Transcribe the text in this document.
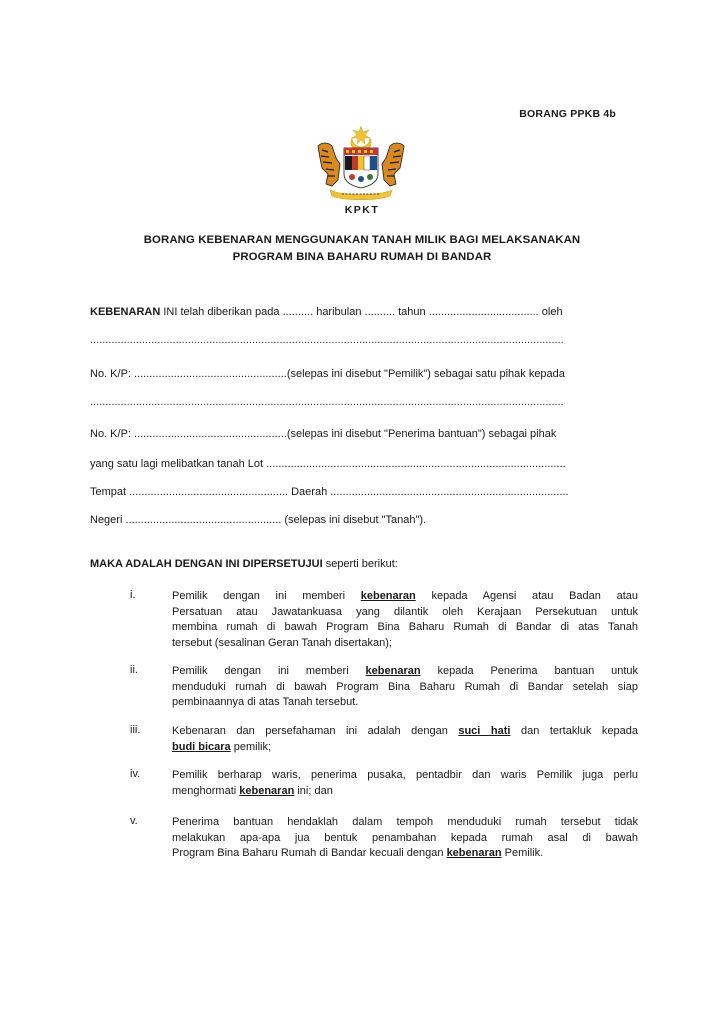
BORANG PPKB 4b
KPKT
BORANG KEBENARAN MENGGUNAKAN TANAH MILIK BAGI MELAKSANAKAN
PROGRAM BINA BAHARU RUMAH DI BANDAR
KEBENARAN INI telah diberikan pada .......... haribulan .......... tahun .................................... oleh
...........................................................................................................................................................
No. K/P: ..................................................(selepas ini disebut "Pemilik") sebagai satu pihak kepada
...........................................................................................................................................................
No. K/P: ..................................................(selepas ini disebut "Penerima bantuan") sebagai pihak
yang satu lagi melibatkan tanah Lot ..................................................................................................
Tempat .................................................... Daerah ..............................................................................
Negeri ................................................... (selepas ini disebut "Tanah").
MAKA ADALAH DENGAN INI DIPERSETUJUI seperti berikut:
i.	Pemilik dengan ini memberi kebenaran kepada Agensi atau Badan atau
Persatuan atau Jawatankuasa yang dilantik oleh Kerajaan Persekutuan untuk
membina rumah di bawah Program Bina Baharu Rumah di Bandar di atas Tanah
tersebut (sesalinan Geran Tanah disertakan);
ii.	Pemilik dengan ini memberi kebenaran kepada Penerima bantuan untuk
menduduki rumah di bawah Program Bina Baharu Rumah di Bandar setelah siap
pembinaannya di atas Tanah tersebut.
iii.	Kebenaran dan persefahaman ini adalah dengan suci hati dan tertakluk kepada
budi bicara pemilik;
iv.	Pemilik berharap waris, penerima pusaka, pentadbir dan waris Pemilik juga perlu
menghormati kebenaran ini; dan
v.	Penerima bantuan hendaklah dalam tempoh menduduki rumah tersebut tidak
melakukan apa-apa jua bentuk penambahan kepada rumah asal di bawah
Program Bina Baharu Rumah di Bandar kecuali dengan kebenaran Pemilik.
